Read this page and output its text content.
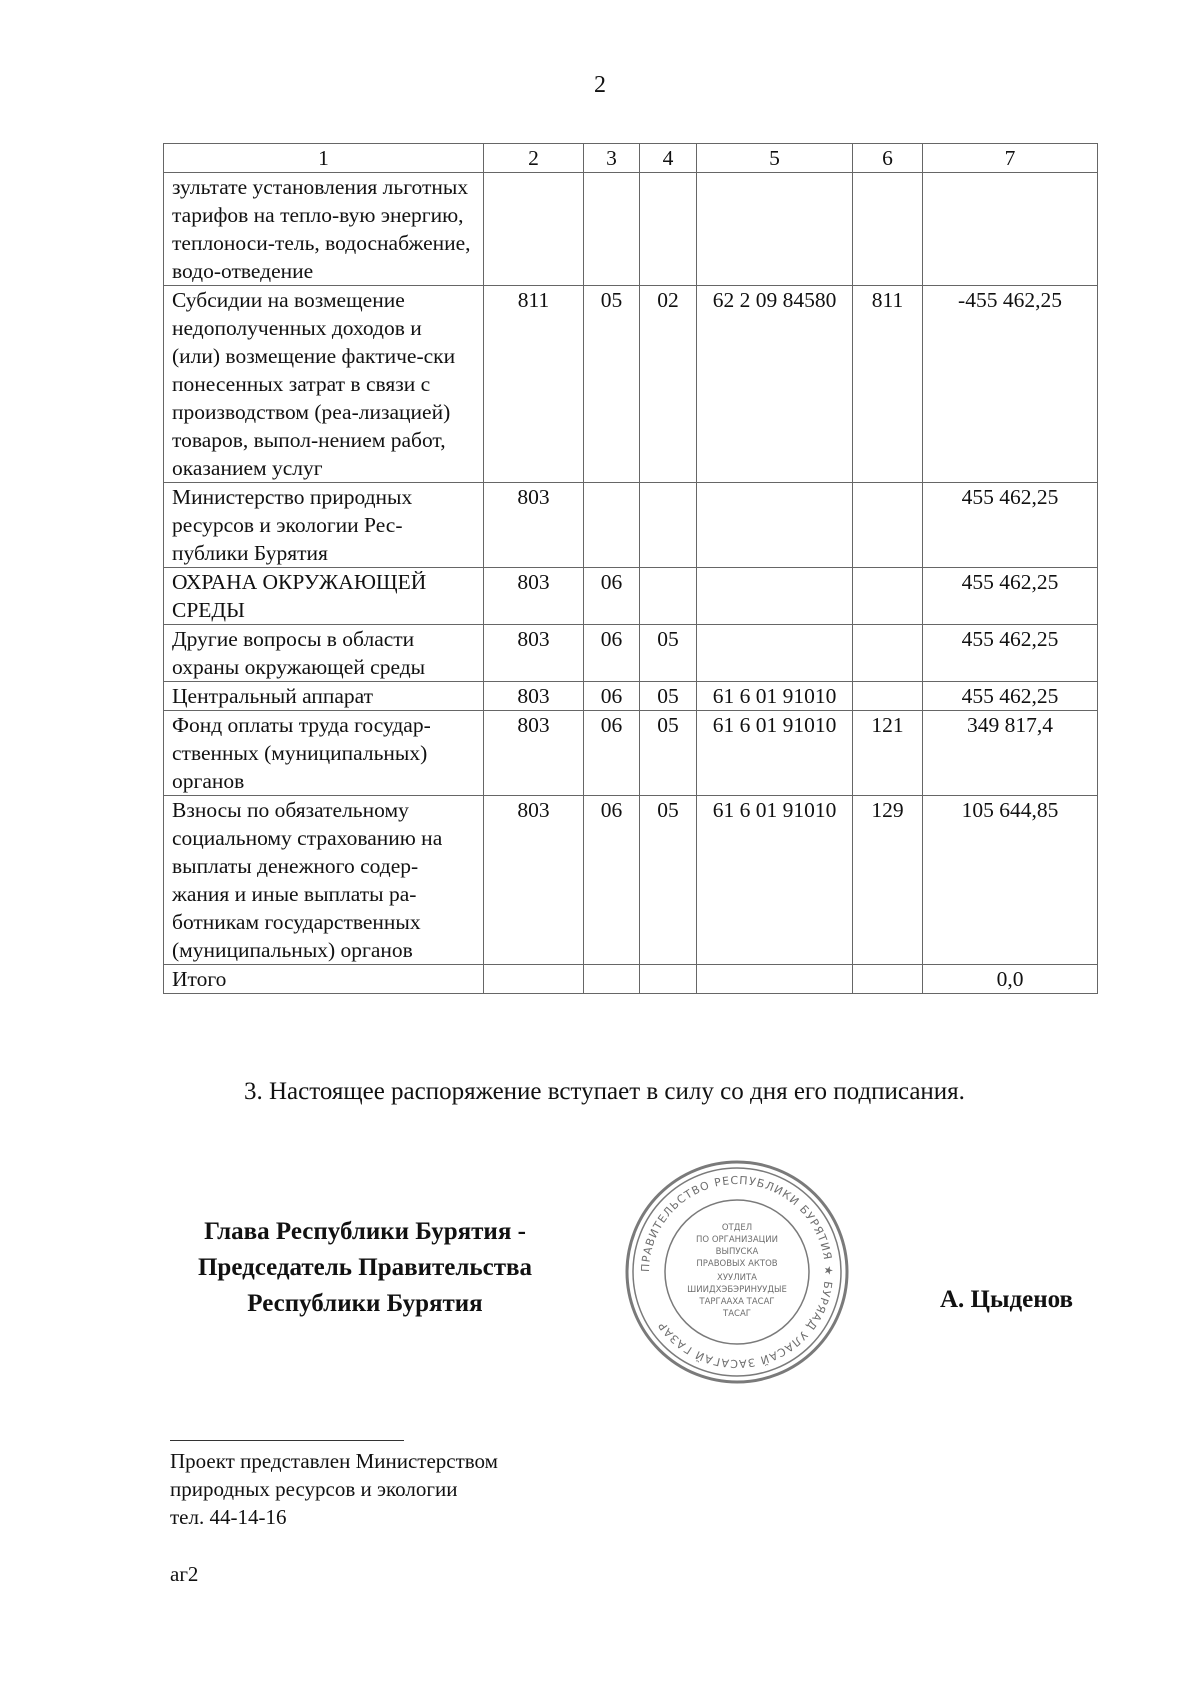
2
1	2	3	4	5	6	7
зультате установления льготных тарифов на тепло-вую энергию, теплоноси-тель, водоснабжение, водо-отведение						
Субсидии на возмещение недополученных доходов и (или) возмещение фактиче-ски понесенных затрат в связи с производством (реа-лизацией) товаров, выпол-нением работ, оказанием услуг	811	05	02	62 2 09 84580	811	-455 462,25
Министерство природных ресурсов и экологии Рес-публики Бурятия	803					455 462,25
ОХРАНА ОКРУЖАЮЩЕЙ СРЕДЫ	803	06				455 462,25
Другие вопросы в области охраны окружающей среды	803	06	05			455 462,25
Центральный аппарат	803	06	05	61 6 01 91010		455 462,25
Фонд оплаты труда государ-ственных (муниципальных) органов	803	06	05	61 6 01 91010	121	349 817,4
Взносы по обязательному социальному страхованию на выплаты денежного содер-жания и иные выплаты ра-ботникам государственных (муниципальных) органов	803	06	05	61 6 01 91010	129	105 644,85
Итого						0,0
3. Настоящее распоряжение вступает в силу со дня его подписания.
Глава Республики Бурятия -
Председатель Правительства
Республики Бурятия
ПРАВИТЕЛЬСТВО РЕСПУБЛИКИ БУРЯТИЯ ★ БУРЯАД УЛАСАЙ ЗАСАГАЙ ГАЗАР
ОТДЕЛ
ПО ОРГАНИЗАЦИИ
ВЫПУСКА
ПРАВОВЫХ АКТОВ
ХУУЛИТА
ШИИДХЭБЭРИНУУДЫЕ
ТАРГААХА ТАСАГ
ТАСАГ
А. Цыденов
Проект представлен Министерством
природных ресурсов и экологии
тел. 44-14-16
аг2
